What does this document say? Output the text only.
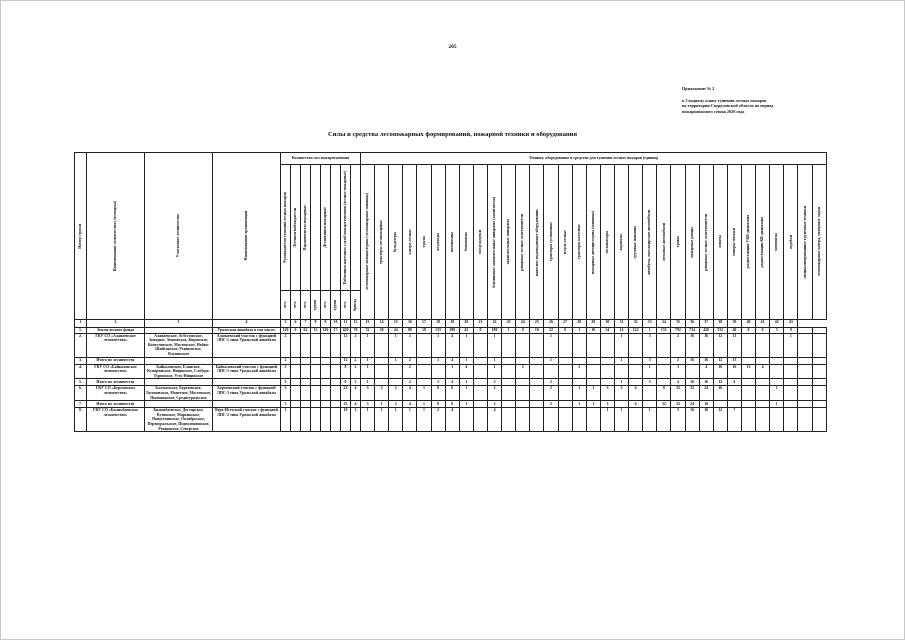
205
Приложение № 2
к Сводному плану тушения лесных пожаров
на территории Свердловской области на период
пожароопасного сезона 2020 года
Силы и средства лесопожарных формирований, пожарной техники и оборудования
Номер строки	Наименование лесничества (лесопарка)	Участковое лесничество	Наименование организации	Количество сил пожаротушения								Техника, оборудование и средства для тушения лесных пожаров (единиц)																																

				Руководители тушения лесных пожаров	Летчики-наблюдатели	Парашютисты-пожарные		Десантники-пожарные		Работники наземных служб пожаротушения (лесные пожарные)		лесопожарные автоцистерны (лесопожарные машины)	тракторы лесопожарные	бульдозеры	катера лесные	тралы	вездеходы	мотопомпы	бензопилы	воздуходувки	бензиновые зажигательные аппараты (зажигатели)	зажигательные аппараты	ранцевые лесные огнетушители	навесное водоподающее оборудование	тракторы гусеничные	плуги лесные	тракторы колесные	пожарные автоцистерны (машины)	экскаваторы	водовозы	грузовые машины	автобусы, пассажирские автомобили	легковые автомобили	травы	пожарные ранцы	ранцевые лесные огнетушители	лопаты	топоры-мотыги	радиостанции УКВ-диапазона	радиостанции КВ-диапазона	мотопилы	скребки	специализированные грунтовые техники	лесопожарные катера, моторные лодки

				чел.	чел.	чел.	групп	чел.	групп	чел.	бригад																																	

1	2	3	4	5	6	7	8	9	10	11	12	13	14	15	16	17	18	19	20	21	22	23	24	25	26	27	28	29	30	31	32	33	34	35	36	37	38	39	40	41	42	43		
1.	Земли лесного фонда		Уральская авиабаза в том числе:	120	0	62	12	110	17	420	70	52	20	24	80	18	135	188	42	0	180	1	0	10	32	0	1	10	54	14	122	1	151	792	734	420	533	40	0	0	3	9		
2.	ГКУ СО «Алапаевское лесничество»	Алапаевское, Асбестовское, Западное, Зенковское, Кировское, Коптеловское, Мостовское, Нейво-Шайтанское, Ртищевское, Ялунинское	Алапаевский участок с функцией ЛПС-1 типа Уральской авиабазы	2						12	2	1		1	2		1	4	1		1				1					1		3		2	16	16	12	13				1		
3.	Итого по лесничеству			2						12	2	1		1	2		1	4	1		1				1					1		3		2	16	16	12	13						
4.	ГКУ СО «Байкаловское лесничество»	Байкаловское, Еланское, Кумаринское, Ницинское, Слободо-Туринское, Усть-Ницинское	Байкаловский участок с функцией ЛПС-1 типа Уральской авиабазы	3						8	2	1			2			1	4		1		2				2					1		3		4	16	16	12	4				
5.	Итого по лесничеству			3						8	2	1			2		1	4	1		2				2					1		3		4	16	16	12	4						
6.	ГКУ СО «Березовское лесничество»	Балтымское, Березовское, Лосиновское, Монетное, Мостовское, Пышминское, Среднеуральское	Березовский участок с функцией ЛПС-3 типа Уральской авиабазы	3						23	4	3	2	2	4	1	8	8	1		2				2		1	1	3	2	6		8	32	32	24	16				1			
7.	Итого по лесничеству			3						23	4	3	1	2	4	1	8	8	1		2				2		1	1	3		6		32	32	24	16					1			
8.	ГКУ СО «Билимбаевское лесничество»	Билимбаевское, Дегтярское, Кузинское, Марьинское, Новоуткинское, Октябрьское, Первоуральское, Подволошинское, Ревдинское, Северское	Верх-Исетский участок с функцией ЛПС-2 типа Уральской авиабазы	1						10	2	1	1	1	1	1	2	4			4								1	1		1		5	16	16	12	7						
